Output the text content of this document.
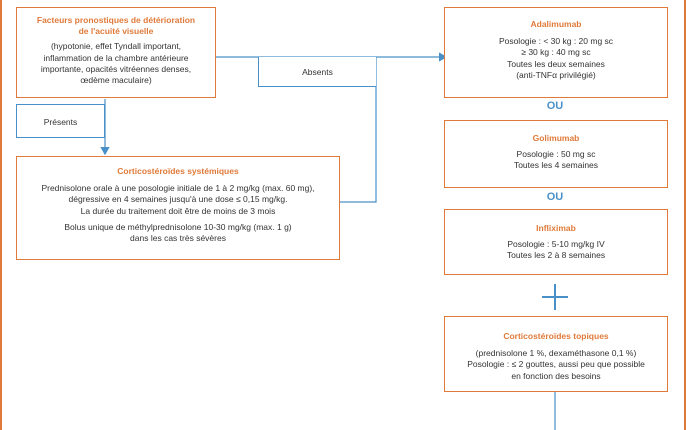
Facteurs pronostiques de détérioration de l'acuité visuelle
(hypotonie, effet Tyndall important,
inflammation de la chambre antérieure
importante, opacités vitréennes denses,
œdème maculaire)
Absents
Présents
Corticostéroïdes systémiques
Prednisolone orale à une posologie initiale de 1 à 2 mg/kg (max. 60 mg),
dégressive en 4 semaines jusqu'à une dose ≤ 0,15 mg/kg.
La durée du traitement doit être de moins de 3 mois
Bolus unique de méthylprednisolone 10-30 mg/kg (max. 1 g)
dans les cas très sévères
Adalimumab
Posologie : < 30 kg : 20 mg sc
≥ 30 kg : 40 mg sc
Toutes les deux semaines
(anti-TNFα privilégié)
OU
Golimumab
Posologie : 50 mg sc
Toutes les 4 semaines
OU
Infliximab
Posologie : 5-10 mg/kg IV
Toutes les 2 à 8 semaines
Corticostéroïdes topiques
(prednisolone 1 %, dexaméthasone 0,1 %)
Posologie : ≤ 2 gouttes, aussi peu que possible
en fonction des besoins
